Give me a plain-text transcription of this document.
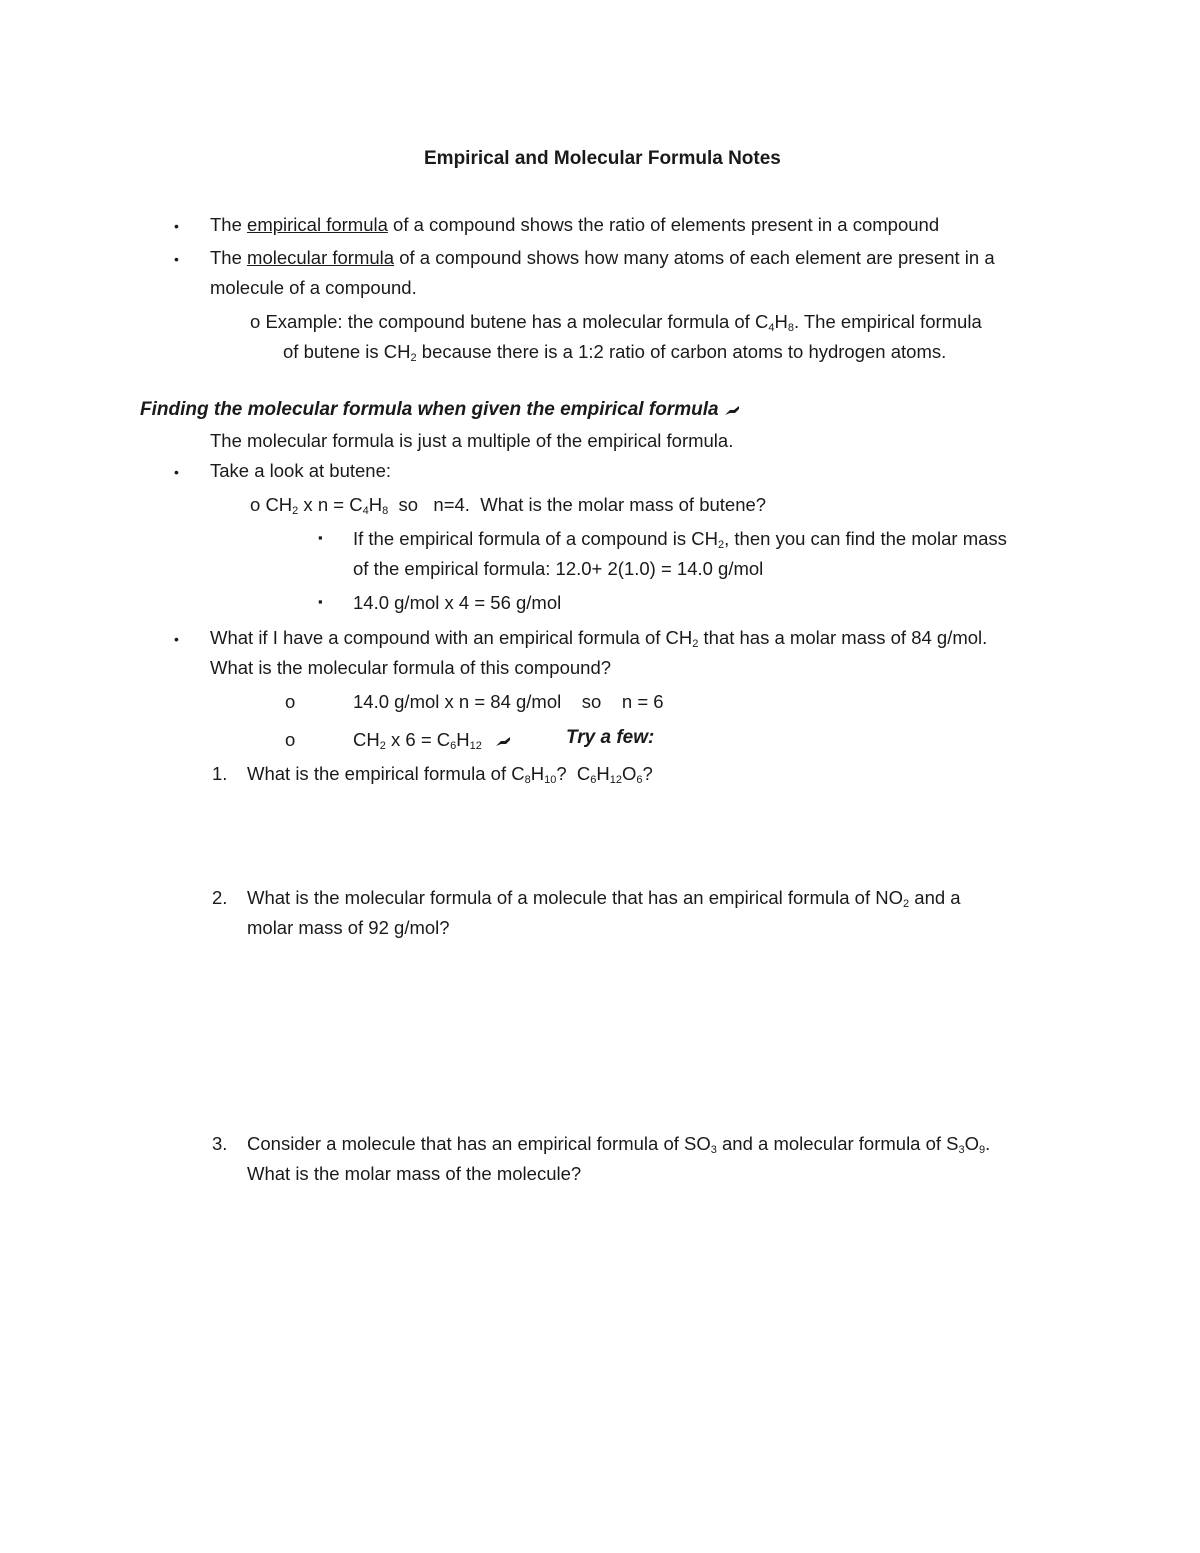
Empirical and Molecular Formula Notes
• The empirical formula of a compound shows the ratio of elements present in a compound
• The molecular formula of a compound shows how many atoms of each element are present in a
molecule of a compound.
o Example: the compound butene has a molecular formula of $C_4H_8$. The empirical formula
of butene is $CH_2$ because there is a 1:2 ratio of carbon atoms to hydrogen atoms.
Finding the molecular formula when given the empirical formula
The molecular formula is just a multiple of the empirical formula.
• Take a look at butene:
o $CH_2$ x $n = C_4H_8$  so   n=4.  What is the molar mass of butene?
▪ If the empirical formula of a compound is $CH_2$, then you can find the molar mass
of the empirical formula: 12.0+ 2(1.0) = 14.0 g/mol
▪ 14.0 g/mol x 4 = 56 g/mol
• What if I have a compound with an empirical formula of $CH_2$ that has a molar mass of 84 g/mol.
What is the molecular formula of this compound?
o	14.0 g/mol x n = 84 g/mol    so    n = 6
o	$CH_2$ x $6 = C_6H_{12}$	Try a few:
1. What is the empirical formula of $C_8H_{10}$?  $C_6H_{12}O_6$?
2. What is the molecular formula of a molecule that has an empirical formula of $NO_2$ and a
molar mass of 92 g/mol?
3. Consider a molecule that has an empirical formula of $SO_3$ and a molecular formula of $S_3O_9$.
What is the molar mass of the molecule?
